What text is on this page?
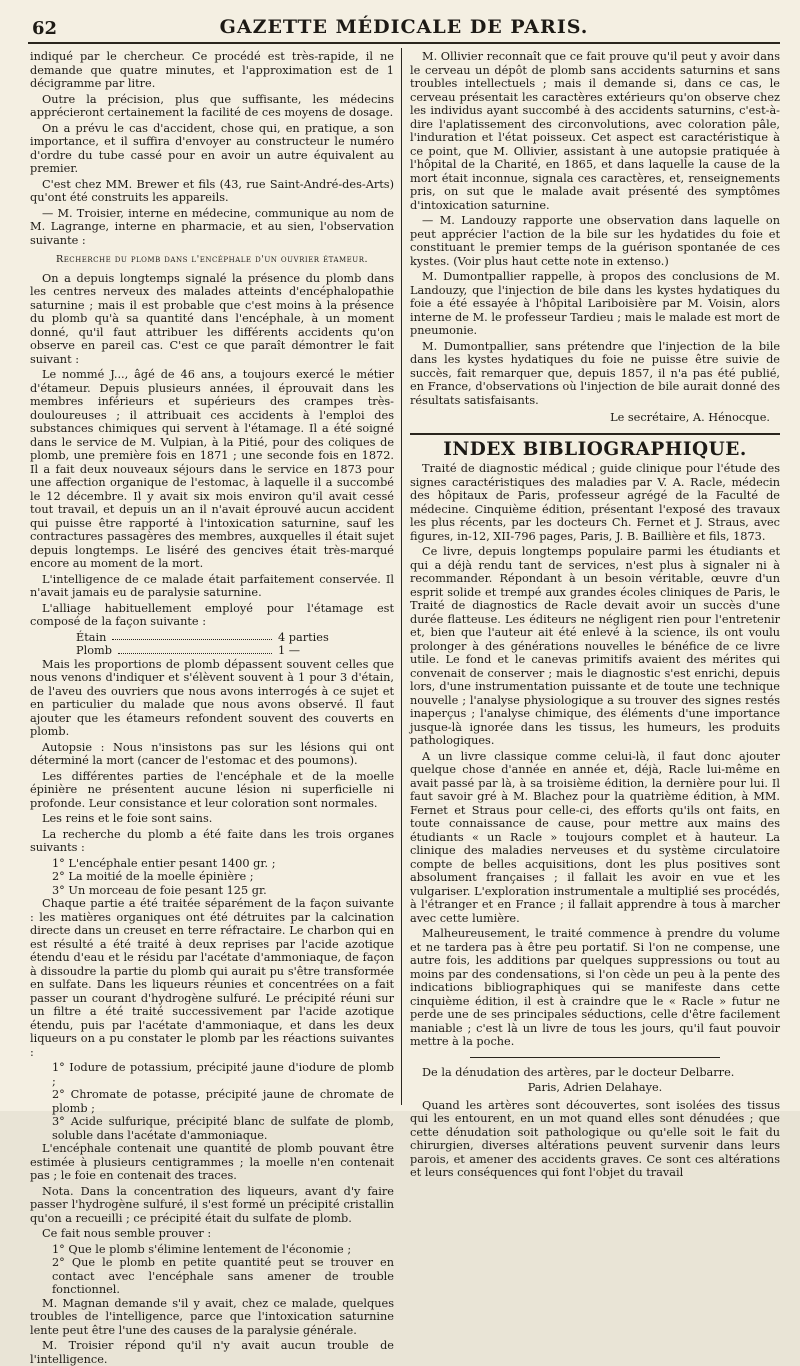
62	GAZETTE MÉDICALE DE PARIS.

indiqué par le chercheur. Ce procédé est très-rapide, il ne demande que quatre minutes, et l'approximation est de 1 décigramme par litre.

Outre la précision, plus que suffisante, les médecins apprécieront certainement la facilité de ces moyens de dosage.

On a prévu le cas d'accident, chose qui, en pratique, a son importance, et il suffira d'envoyer au constructeur le numéro d'ordre du tube cassé pour en avoir un autre équivalent au premier.

C'est chez MM. Brewer et fils (43, rue Saint-André-des-Arts) qu'ont été construits les appareils.

— M. Troisier, interne en médecine, communique au nom de M. Lagrange, interne en pharmacie, et au sien, l'observation suivante :

Recherche du plomb dans l'encéphale d'un ouvrier étameur.

On a depuis longtemps signalé la présence du plomb dans les centres nerveux des malades atteints d'encéphalopathie saturnine ; mais il est probable que c'est moins à la présence du plomb qu'à sa quantité dans l'encéphale, à un moment donné, qu'il faut attribuer les différents accidents qu'on observe en pareil cas. C'est ce que paraît démontrer le fait suivant :

Le nommé J..., âgé de 46 ans, a toujours exercé le métier d'étameur. Depuis plusieurs années, il éprouvait dans les membres inférieurs et supérieurs des crampes très-douloureuses ; il attribuait ces accidents à l'emploi des substances chimiques qui servent à l'étamage. Il a été soigné dans le service de M. Vulpian, à la Pitié, pour des coliques de plomb, une première fois en 1871 ; une seconde fois en 1872. Il a fait deux nouveaux séjours dans le service en 1873 pour une affection organique de l'estomac, à laquelle il a succombé le 12 décembre. Il y avait six mois environ qu'il avait cessé tout travail, et depuis un an il n'avait éprouvé aucun accident qui puisse être rapporté à l'intoxication saturnine, sauf les contractures passagères des membres, auxquelles il était sujet depuis longtemps. Le liséré des gencives était très-marqué encore au moment de la mort.

L'intelligence de ce malade était parfaitement conservée. Il n'avait jamais eu de paralysie saturnine.

L'alliage habituellement employé pour l'étamage est composé de la façon suivante :

Étain	4 parties
Plomb	1 —

Mais les proportions de plomb dépassent souvent celles que nous venons d'indiquer et s'élèvent souvent à 1 pour 3 d'étain, de l'aveu des ouvriers que nous avons interrogés à ce sujet et en particulier du malade que nous avons observé. Il faut ajouter que les étameurs refondent souvent des couverts en plomb.

Autopsie : Nous n'insistons pas sur les lésions qui ont déterminé la mort (cancer de l'estomac et des poumons).

Les différentes parties de l'encéphale et de la moelle épinière ne présentent aucune lésion ni superficielle ni profonde. Leur consistance et leur coloration sont normales.

Les reins et le foie sont sains.

La recherche du plomb a été faite dans les trois organes suivants :

1° L'encéphale entier pesant 1400 gr. ;

2° La moitié de la moelle épinière ;

3° Un morceau de foie pesant 125 gr.

Chaque partie a été traitée séparément de la façon suivante : les matières organiques ont été détruites par la calcination directe dans un creuset en terre réfractaire. Le charbon qui en est résulté a été traité à deux reprises par l'acide azotique étendu d'eau et le résidu par l'acétate d'ammoniaque, de façon à dissoudre la partie du plomb qui aurait pu s'être transformée en sulfate. Dans les liqueurs réunies et concentrées on a fait passer un courant d'hydrogène sulfuré. Le précipité réuni sur un filtre a été traité successivement par l'acide azotique étendu, puis par l'acétate d'ammoniaque, et dans les deux liqueurs on a pu constater le plomb par les réactions suivantes :

1° Iodure de potassium, précipité jaune d'iodure de plomb ;

2° Chromate de potasse, précipité jaune de chromate de plomb ;

3° Acide sulfurique, précipité blanc de sulfate de plomb, soluble dans l'acétate d'ammoniaque.

L'encéphale contenait une quantité de plomb pouvant être estimée à plusieurs centigrammes ; la moelle n'en contenait pas ; le foie en contenait des traces.

Nota. Dans la concentration des liqueurs, avant d'y faire passer l'hydrogène sulfuré, il s'est formé un précipité cristallin qu'on a recueilli ; ce précipité était du sulfate de plomb.

Ce fait nous semble prouver :

1° Que le plomb s'élimine lentement de l'économie ;

2° Que le plomb en petite quantité peut se trouver en contact avec l'encéphale sans amener de trouble fonctionnel.

M. Magnan demande s'il y avait, chez ce malade, quelques troubles de l'intelligence, parce que l'intoxication saturnine lente peut être l'une des causes de la paralysie générale.

M. Troisier répond qu'il n'y avait aucun trouble de l'intelligence.

M. Ollivier reconnaît que ce fait prouve qu'il peut y avoir dans le cerveau un dépôt de plomb sans accidents saturnins et sans troubles intellectuels ; mais il demande si, dans ce cas, le cerveau présentait les caractères extérieurs qu'on observe chez les individus ayant succombé à des accidents saturnins, c'est-à-dire l'aplatissement des circonvolutions, avec coloration pâle, l'induration et l'état poisseux. Cet aspect est caractéristique à ce point, que M. Ollivier, assistant à une autopsie pratiquée à l'hôpital de la Charité, en 1865, et dans laquelle la cause de la mort était inconnue, signala ces caractères, et, renseignements pris, on sut que le malade avait présenté des symptômes d'intoxication saturnine.

— M. Landouzy rapporte une observation dans laquelle on peut apprécier l'action de la bile sur les hydatides du foie et constituant le premier temps de la guérison spontanée de ces kystes. (Voir plus haut cette note in extenso.)

M. Dumontpallier rappelle, à propos des conclusions de M. Landouzy, que l'injection de bile dans les kystes hydatiques du foie a été essayée à l'hôpital Lariboisière par M. Voisin, alors interne de M. le professeur Tardieu ; mais le malade est mort de pneumonie.

M. Dumontpallier, sans prétendre que l'injection de la bile dans les kystes hydatiques du foie ne puisse être suivie de succès, fait remarquer que, depuis 1857, il n'a pas été publié, en France, d'observations où l'injection de bile aurait donné des résultats satisfaisants.

Le secrétaire, A. Hénocque.

INDEX BIBLIOGRAPHIQUE.

Traité de diagnostic médical ; guide clinique pour l'étude des signes caractéristiques des maladies par V. A. Racle, médecin des hôpitaux de Paris, professeur agrégé de la Faculté de médecine. Cinquième édition, présentant l'exposé des travaux les plus récents, par les docteurs Ch. Fernet et J. Straus, avec figures, in-12, XII-796 pages, Paris, J. B. Baillière et fils, 1873.

Ce livre, depuis longtemps populaire parmi les étudiants et qui a déjà rendu tant de services, n'est plus à signaler ni à recommander. Répondant à un besoin véritable, œuvre d'un esprit solide et trempé aux grandes écoles cliniques de Paris, le Traité de diagnostics de Racle devait avoir un succès d'une durée flatteuse. Les éditeurs ne négligent rien pour l'entretenir et, bien que l'auteur ait été enlevé à la science, ils ont voulu prolonger à des générations nouvelles le bénéfice de ce livre utile. Le fond et le canevas primitifs avaient des mérites qui convenait de conserver ; mais le diagnostic s'est enrichi, depuis lors, d'une instrumentation puissante et de toute une technique nouvelle ; l'analyse physiologique a su trouver des signes restés inaperçus ; l'analyse chimique, des éléments d'une importance jusque-là ignorée dans les tissus, les humeurs, les produits pathologiques.

A un livre classique comme celui-là, il faut donc ajouter quelque chose d'année en année et, déjà, Racle lui-même en avait passé par là, à sa troisième édition, la dernière pour lui. Il faut savoir gré à M. Blachez pour la quatrième édition, à MM. Fernet et Straus pour celle-ci, des efforts qu'ils ont faits, en toute connaissance de cause, pour mettre aux mains des étudiants « un Racle » toujours complet et à hauteur. La clinique des maladies nerveuses et du système circulatoire compte de belles acquisitions, dont les plus positives sont absolument françaises ; il fallait les avoir en vue et les vulgariser. L'exploration instrumentale a multiplié ses procédés, à l'étranger et en France ; il fallait apprendre à tous à marcher avec cette lumière.

Malheureusement, le traité commence à prendre du volume et ne tardera pas à être peu portatif. Si l'on ne compense, une autre fois, les additions par quelques suppressions ou tout au moins par des condensations, si l'on cède un peu à la pente des indications bibliographiques qui se manifeste dans cette cinquième édition, il est à craindre que le « Racle » futur ne perde une de ses principales séductions, celle d'être facilement maniable ; c'est là un livre de tous les jours, qu'il faut pouvoir mettre à la poche.

De la dénudation des artères, par le docteur Delbarre.

Paris, Adrien Delahaye.

Quand les artères sont découvertes, sont isolées des tissus qui les entourent, en un mot quand elles sont dénudées ; que cette dénudation soit pathologique ou qu'elle soit le fait du chirurgien, diverses altérations peuvent survenir dans leurs parois, et amener des accidents graves. Ce sont ces altérations et leurs conséquences qui font l'objet du travail
